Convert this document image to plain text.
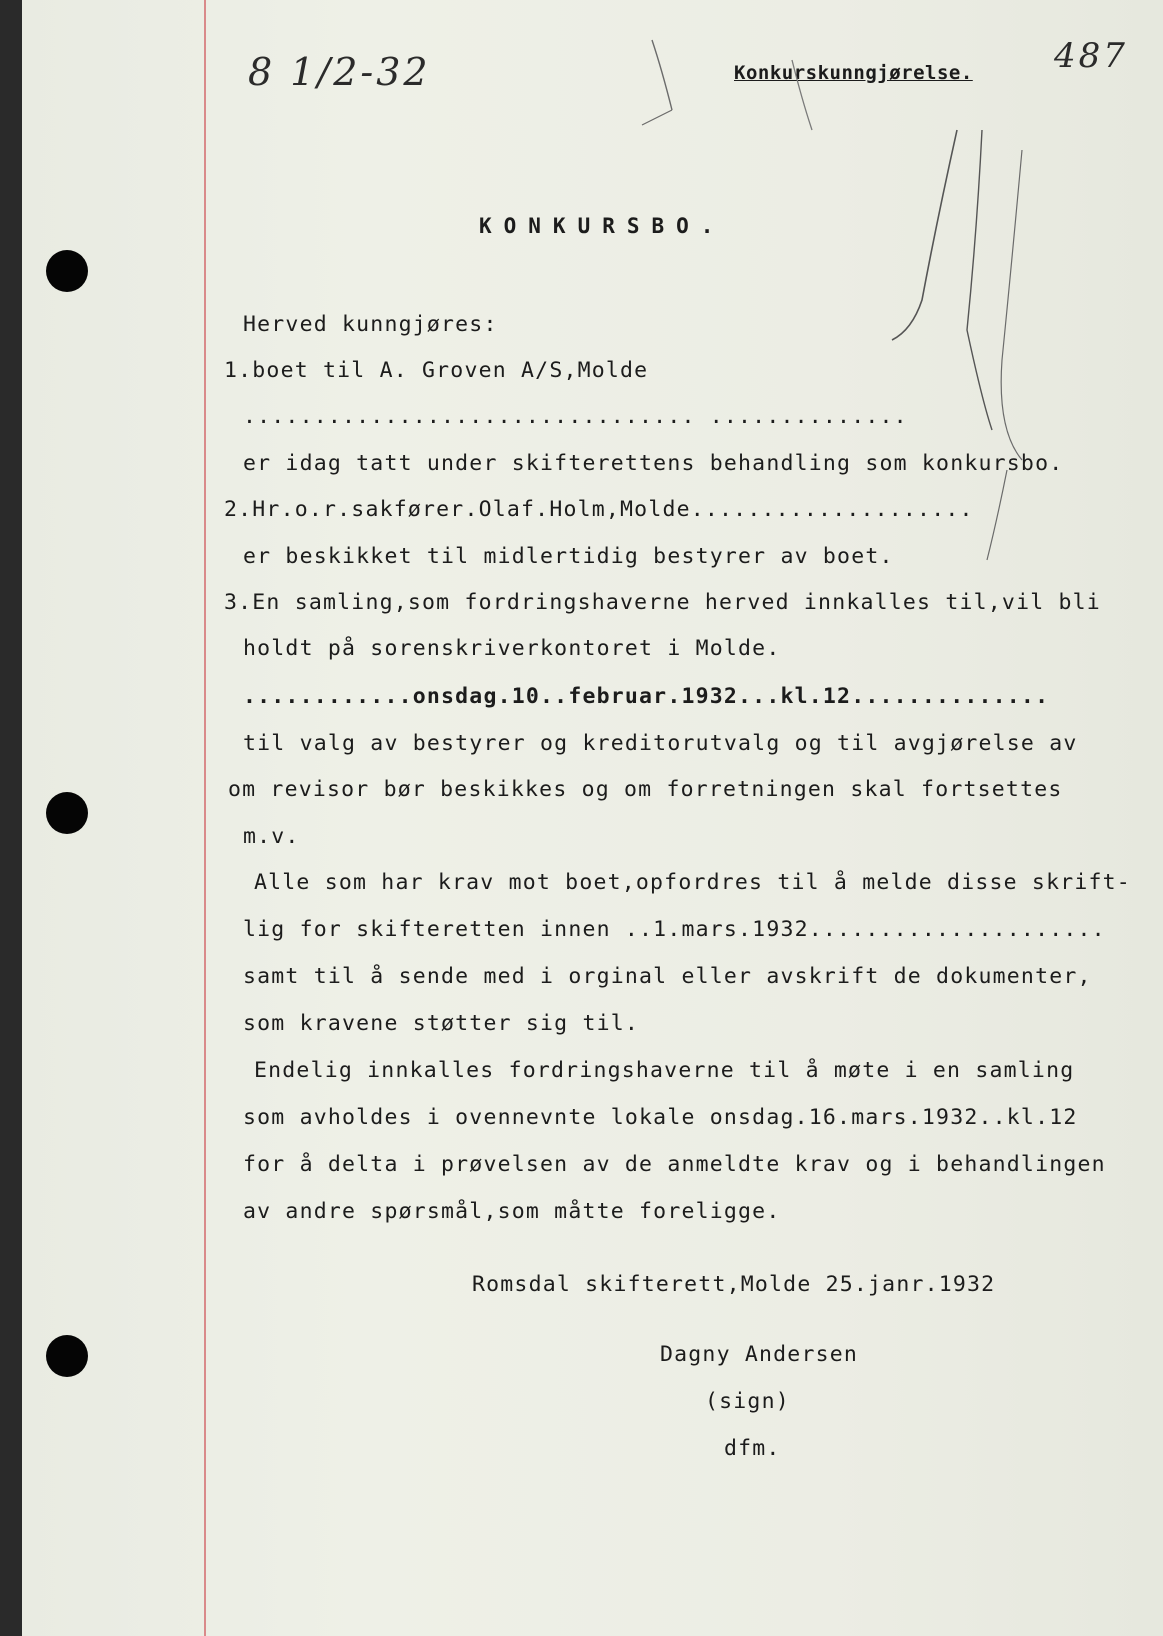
8 1/2-32	487
Konkurskunngjørelse.
KONKURSBO.
Herved kunngjøres:
1.boet til A. Groven A/S,Molde
................................ ..............
er idag tatt under skifterettens behandling som konkursbo.
2.Hr.o.r.sakfører.Olaf.Holm,Molde....................
er beskikket til midlertidig bestyrer av boet.
3.En samling,som fordringshaverne herved innkalles til,vil bli
holdt på sorenskriverkontoret i Molde.
............onsdag.10..februar.1932...kl.12..............
til valg av bestyrer og kreditorutvalg og til avgjørelse av
om revisor bør beskikkes og om forretningen skal fortsettes
m.v.
Alle som har krav mot boet,opfordres til å melde disse skrift-
lig for skifteretten innen ..1.mars.1932.....................
samt til å sende med i orginal eller avskrift de dokumenter,
som kravene støtter sig til.
Endelig innkalles fordringshaverne til å møte i en samling
som avholdes i ovennevnte lokale onsdag.16.mars.1932..kl.12
for å delta i prøvelsen av de anmeldte krav og i behandlingen
av andre spørsmål,som måtte foreligge.
Romsdal skifterett,Molde 25.janr.1932
Dagny Andersen
(sign)
dfm.
